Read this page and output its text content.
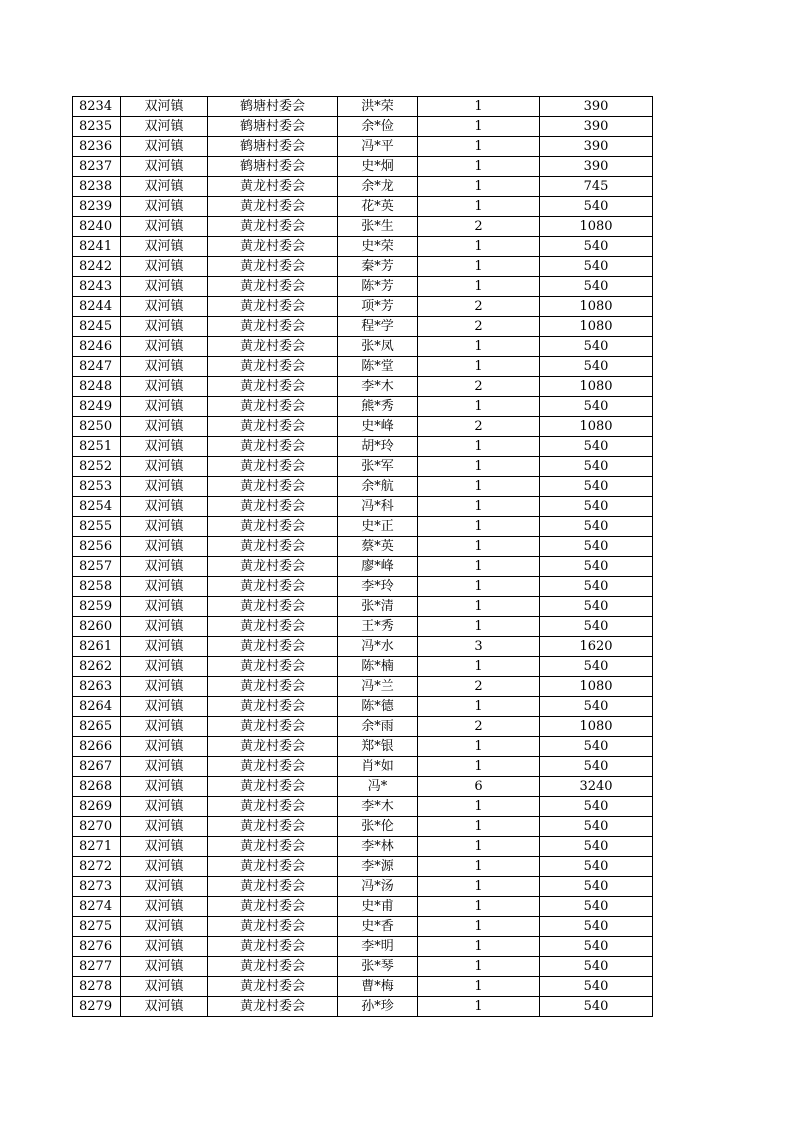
8234	双河镇	鹤塘村委会	洪*荣	1	390
8235	双河镇	鹤塘村委会	余*俭	1	390
8236	双河镇	鹤塘村委会	冯*平	1	390
8237	双河镇	鹤塘村委会	史*炯	1	390
8238	双河镇	黄龙村委会	余*龙	1	745
8239	双河镇	黄龙村委会	花*英	1	540
8240	双河镇	黄龙村委会	张*生	2	1080
8241	双河镇	黄龙村委会	史*荣	1	540
8242	双河镇	黄龙村委会	秦*芳	1	540
8243	双河镇	黄龙村委会	陈*芳	1	540
8244	双河镇	黄龙村委会	项*芳	2	1080
8245	双河镇	黄龙村委会	程*学	2	1080
8246	双河镇	黄龙村委会	张*凤	1	540
8247	双河镇	黄龙村委会	陈*堂	1	540
8248	双河镇	黄龙村委会	李*木	2	1080
8249	双河镇	黄龙村委会	熊*秀	1	540
8250	双河镇	黄龙村委会	史*峰	2	1080
8251	双河镇	黄龙村委会	胡*玲	1	540
8252	双河镇	黄龙村委会	张*军	1	540
8253	双河镇	黄龙村委会	余*航	1	540
8254	双河镇	黄龙村委会	冯*科	1	540
8255	双河镇	黄龙村委会	史*正	1	540
8256	双河镇	黄龙村委会	蔡*英	1	540
8257	双河镇	黄龙村委会	廖*峰	1	540
8258	双河镇	黄龙村委会	李*玲	1	540
8259	双河镇	黄龙村委会	张*清	1	540
8260	双河镇	黄龙村委会	王*秀	1	540
8261	双河镇	黄龙村委会	冯*水	3	1620
8262	双河镇	黄龙村委会	陈*楠	1	540
8263	双河镇	黄龙村委会	冯*兰	2	1080
8264	双河镇	黄龙村委会	陈*德	1	540
8265	双河镇	黄龙村委会	余*雨	2	1080
8266	双河镇	黄龙村委会	郑*银	1	540
8267	双河镇	黄龙村委会	肖*如	1	540
8268	双河镇	黄龙村委会	冯*	6	3240
8269	双河镇	黄龙村委会	李*木	1	540
8270	双河镇	黄龙村委会	张*伦	1	540
8271	双河镇	黄龙村委会	李*林	1	540
8272	双河镇	黄龙村委会	李*源	1	540
8273	双河镇	黄龙村委会	冯*汤	1	540
8274	双河镇	黄龙村委会	史*甫	1	540
8275	双河镇	黄龙村委会	史*香	1	540
8276	双河镇	黄龙村委会	李*明	1	540
8277	双河镇	黄龙村委会	张*琴	1	540
8278	双河镇	黄龙村委会	曹*梅	1	540
8279	双河镇	黄龙村委会	孙*珍	1	540
